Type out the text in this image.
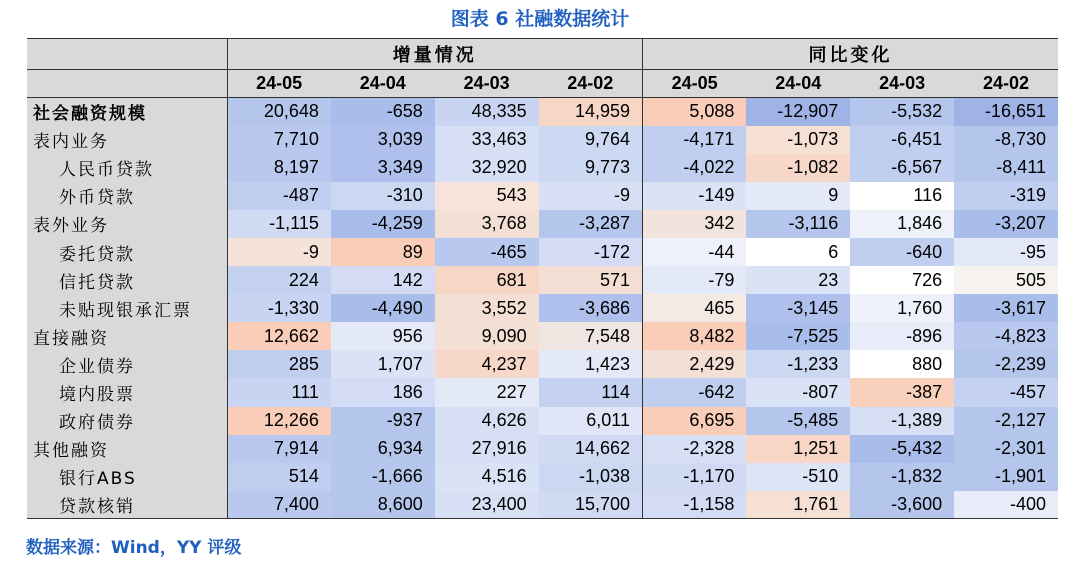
图表 6 社融数据统计
	增量情况				同比变化			
	24-05	24-04	24-03	24-02	24-05	24-04	24-03	24-02
社会融资规模	20,648	-658	48,335	14,959	5,088	-12,907	-5,532	-16,651
表内业务	7,710	3,039	33,463	9,764	-4,171	-1,073	-6,451	-8,730
人民币贷款	8,197	3,349	32,920	9,773	-4,022	-1,082	-6,567	-8,411
外币贷款	-487	-310	543	-9	-149	9	116	-319
表外业务	-1,115	-4,259	3,768	-3,287	342	-3,116	1,846	-3,207
委托贷款	-9	89	-465	-172	-44	6	-640	-95
信托贷款	224	142	681	571	-79	23	726	505
未贴现银承汇票	-1,330	-4,490	3,552	-3,686	465	-3,145	1,760	-3,617
直接融资	12,662	956	9,090	7,548	8,482	-7,525	-896	-4,823
企业债券	285	1,707	4,237	1,423	2,429	-1,233	880	-2,239
境内股票	111	186	227	114	-642	-807	-387	-457
政府债券	12,266	-937	4,626	6,011	6,695	-5,485	-1,389	-2,127
其他融资	7,914	6,934	27,916	14,662	-2,328	1,251	-5,432	-2,301
银行ABS	514	-1,666	4,516	-1,038	-1,170	-510	-1,832	-1,901
贷款核销	7,400	8,600	23,400	15,700	-1,158	1,761	-3,600	-400
数据来源：Wind，YY 评级
